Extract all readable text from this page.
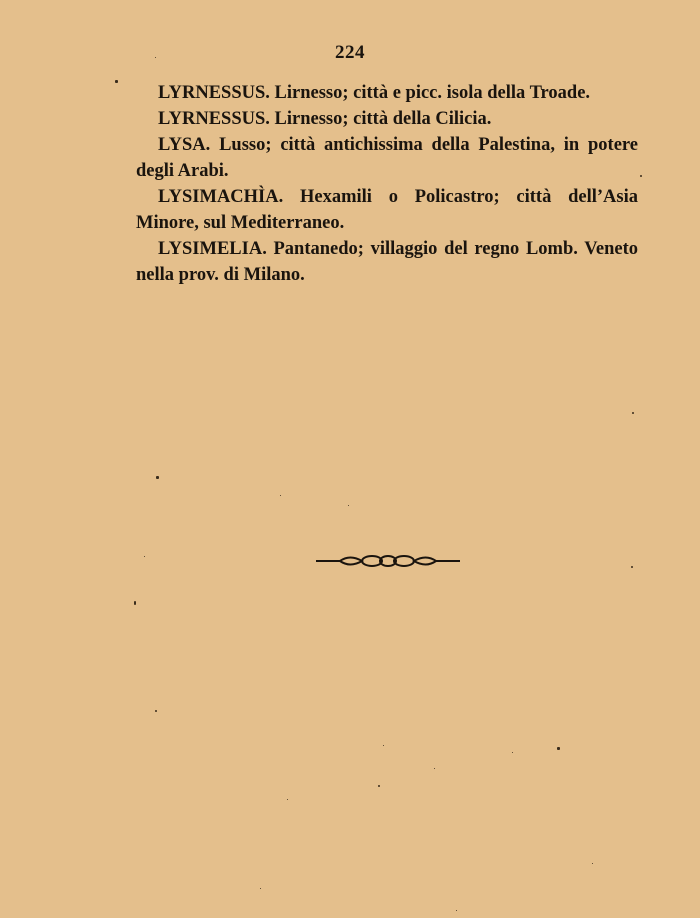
224

LYRNESSUS. Lirnesso; città e picc. isola della Troade.

LYRNESSUS. Lirnesso; città della Cilicia.

LYSA. Lusso; città antichissima della Palestina, in potere degli Arabi.

LYSIMACHÌA. Hexamili o Policastro; città dell’Asia Minore, sul Mediterraneo.

LYSIMELIA. Pantanedo; villaggio del regno Lomb. Veneto nella prov. di Milano.
